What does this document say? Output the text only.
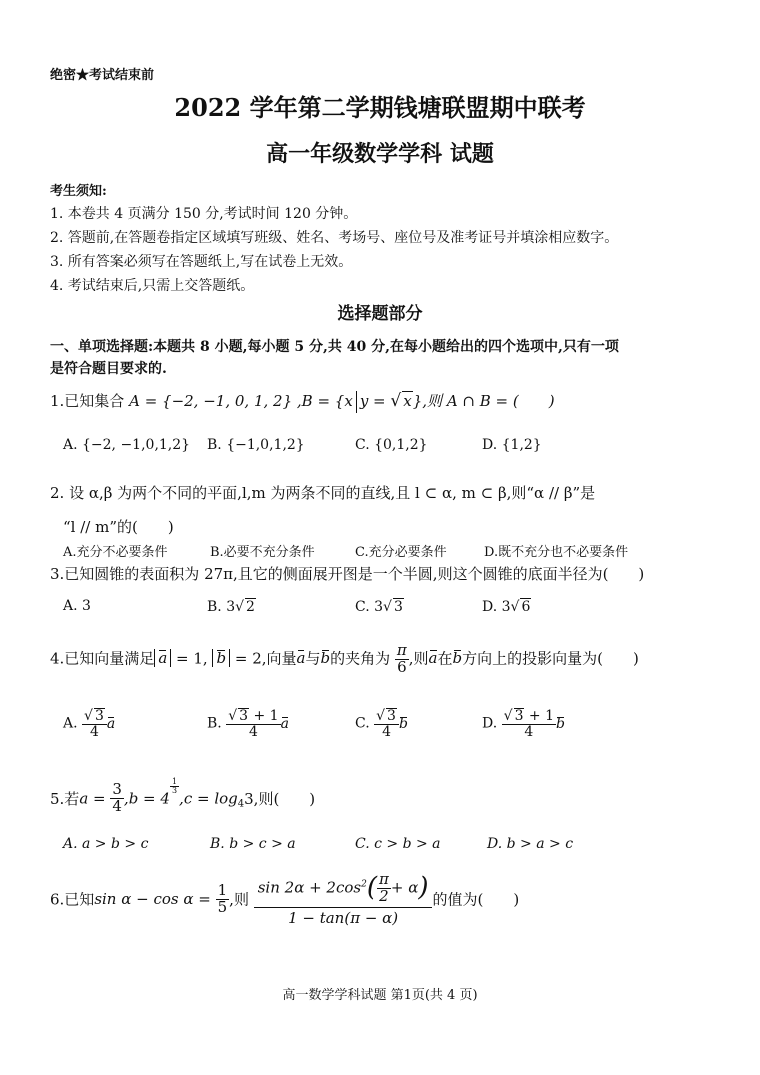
绝密★考试结束前
2022 学年第二学期钱塘联盟期中联考
高一年级数学学科 试题
考生须知:
1. 本卷共 4 页满分 150 分,考试时间 120 分钟。
2. 答题前,在答题卷指定区域填写班级、姓名、考场号、座位号及准考证号并填涂相应数字。
3. 所有答案必须写在答题纸上,写在试卷上无效。
4. 考试结束后,只需上交答题纸。
选择题部分
一、单项选择题:本题共 8 小题,每小题 5 分,共 40 分,在每小题给出的四个选项中,只有一项
是符合题目要求的.
1.已知集合 A = {−2, −1, 0, 1, 2} ,B = {x y = √ x},则 A ∩ B = (　　)
A. {−2, −1,0,1,2} B. {−1,0,1,2}	C. {0,1,2}	D. {1,2}
2. 设 α,β 为两个不同的平面,l,m 为两条不同的直线,且 l ⊂ α, m ⊂ β,则“α // β”是
“l // m”的(　　)
A.充分不必要条件	B.必要不充分条件	C.充分必要条件	D.既不充分也不必要条件
3.已知圆锥的表面积为 27π,且它的侧面展开图是一个半圆,则这个圆锥的底面半径为(　　)
A. 3	B. 3√ 2	C. 3√ 3	D. 3√ 6
4.已知向量满足 a = 1, b = 2,向量a与b的夹角为 $\frac{\pi}{6}$ ,则a在b方向上的投影向量为(　　)
A. $\frac{√ 3}{4}$ a	B. $\frac{√ 3 + 1}{4}$ a	C. $\frac{√ 3}{4}$ b	D. $\frac{√ 3 + 1}{4}$ b
5.若$a = \frac{3}{4} ,b = 4$
$\frac{1}{3}$
$,c = \log_43$,则(　　)
A. a > b > c	B. b > c > a	C. c > b > a	D. b > a > c
6.已知$\sin \alpha - \cos \alpha = \frac{1}{5}$ ,则 $\frac{\sin 2\alpha + 2\cos^2( \frac{\pi}{2} + \alpha)}{1 - \tan(\pi - \alpha)}$ 的值为(　　)
高一数学学科试题 第1页(共 4 页)
